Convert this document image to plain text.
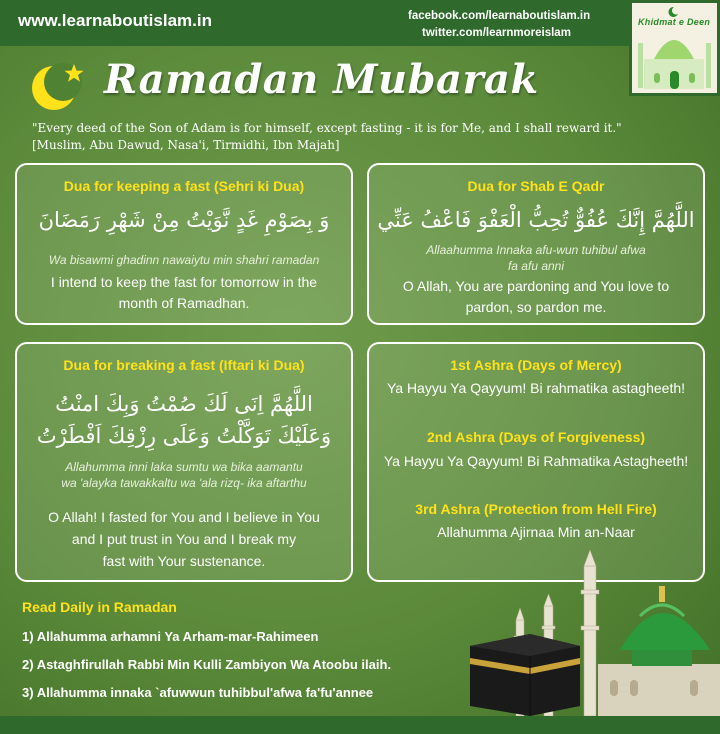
www.learnaboutislam.in	facebook.com/learnaboutislam.in
twitter.com/learnmoreislam
Khidmat e Deen
Ramadan Mubarak
"Every deed of the Son of Adam is for himself, except fasting - it is for Me, and I shall reward it."
[Muslim, Abu Dawud, Nasa'i, Tirmidhi, Ibn Majah]
Dua for keeping a fast (Sehri ki Dua)
وَ بِصَوْمِ غَدٍ نَّوَيْتُ مِنْ شَهْرِ رَمَضَانَ
Wa bisawmi ghadinn nawaiytu min shahri ramadan
I intend to keep the fast for tomorrow in the
month of Ramadhan.
Dua for Shab E Qadr
اللَّهُمَّ إِنَّكَ عُفُوٌّ تُحِبُّ الْعَفْوَ فَاعْفُ عَنِّي
Allaahumma Innaka afu-wun tuhibul afwa
fa afu anni
O Allah, You are pardoning and You love to
pardon, so pardon me.
Dua for breaking a fast (Iftari ki Dua)
اللَّهُمَّ اِنَى لَكَ صُمْتُ وَبِكَ امنْتُ
وَعَلَيْكَ تَوَكَّلْتُ وَعَلَى رِزْقِكَ اَفْطَرْتُ
Allahumma inni laka sumtu wa bika aamantu
wa 'alayka tawakkaltu wa 'ala rizq- ika aftarthu
O Allah! I fasted for You and I believe in You
and I put trust in You and I break my
fast with Your sustenance.
1st Ashra (Days of Mercy)
Ya Hayyu Ya Qayyum! Bi rahmatika astagheeth!
2nd Ashra (Days of Forgiveness)
Ya Hayyu Ya Qayyum! Bi Rahmatika Astagheeth!
3rd Ashra (Protection from Hell Fire)
Allahumma Ajirnaa Min an-Naar
Read Daily in Ramadan
1) Allahumma arhamni Ya Arham-mar-Rahimeen
2) Astaghfirullah Rabbi Min Kulli Zambiyon Wa Atoobu ilaih.
3) Allahumma innaka `afuwwun tuhibbul'afwa fa'fu'annee
